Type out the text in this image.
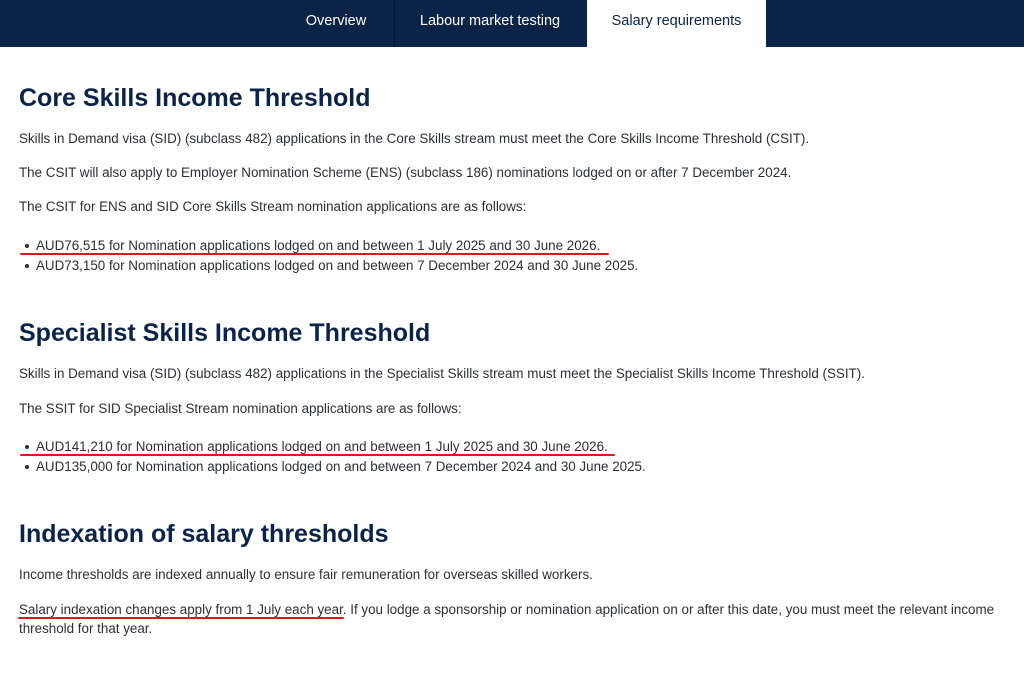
Overview	Labour market testing	Salary requirements
Core Skills Income Threshold

Skills in Demand visa (SID) (subclass 482) applications in the Core Skills stream must meet the Core Skills Income Threshold (CSIT).

The CSIT will also apply to Employer Nomination Scheme (ENS) (subclass 186) nominations lodged on or after 7 December 2024.

The CSIT for ENS and SID Core Skills Stream nomination applications are as follows:

AUD76,515 for Nomination applications lodged on and between 1 July 2025 and 30 June 2026.
AUD73,150 for Nomination applications lodged on and between 7 December 2024 and 30 June 2025.
Specialist Skills Income Threshold

Skills in Demand visa (SID) (subclass 482) applications in the Specialist Skills stream must meet the Specialist Skills Income Threshold (SSIT).

The SSIT for SID Specialist Stream nomination applications are as follows:

AUD141,210 for Nomination applications lodged on and between 1 July 2025 and 30 June 2026.
AUD135,000 for Nomination applications lodged on and between 7 December 2024 and 30 June 2025.
Indexation of salary thresholds

Income thresholds are indexed annually to ensure fair remuneration for overseas skilled workers.

Salary indexation changes apply from 1 July each year. If you lodge a sponsorship or nomination application on or after this date, you must meet the relevant income threshold for that year.
